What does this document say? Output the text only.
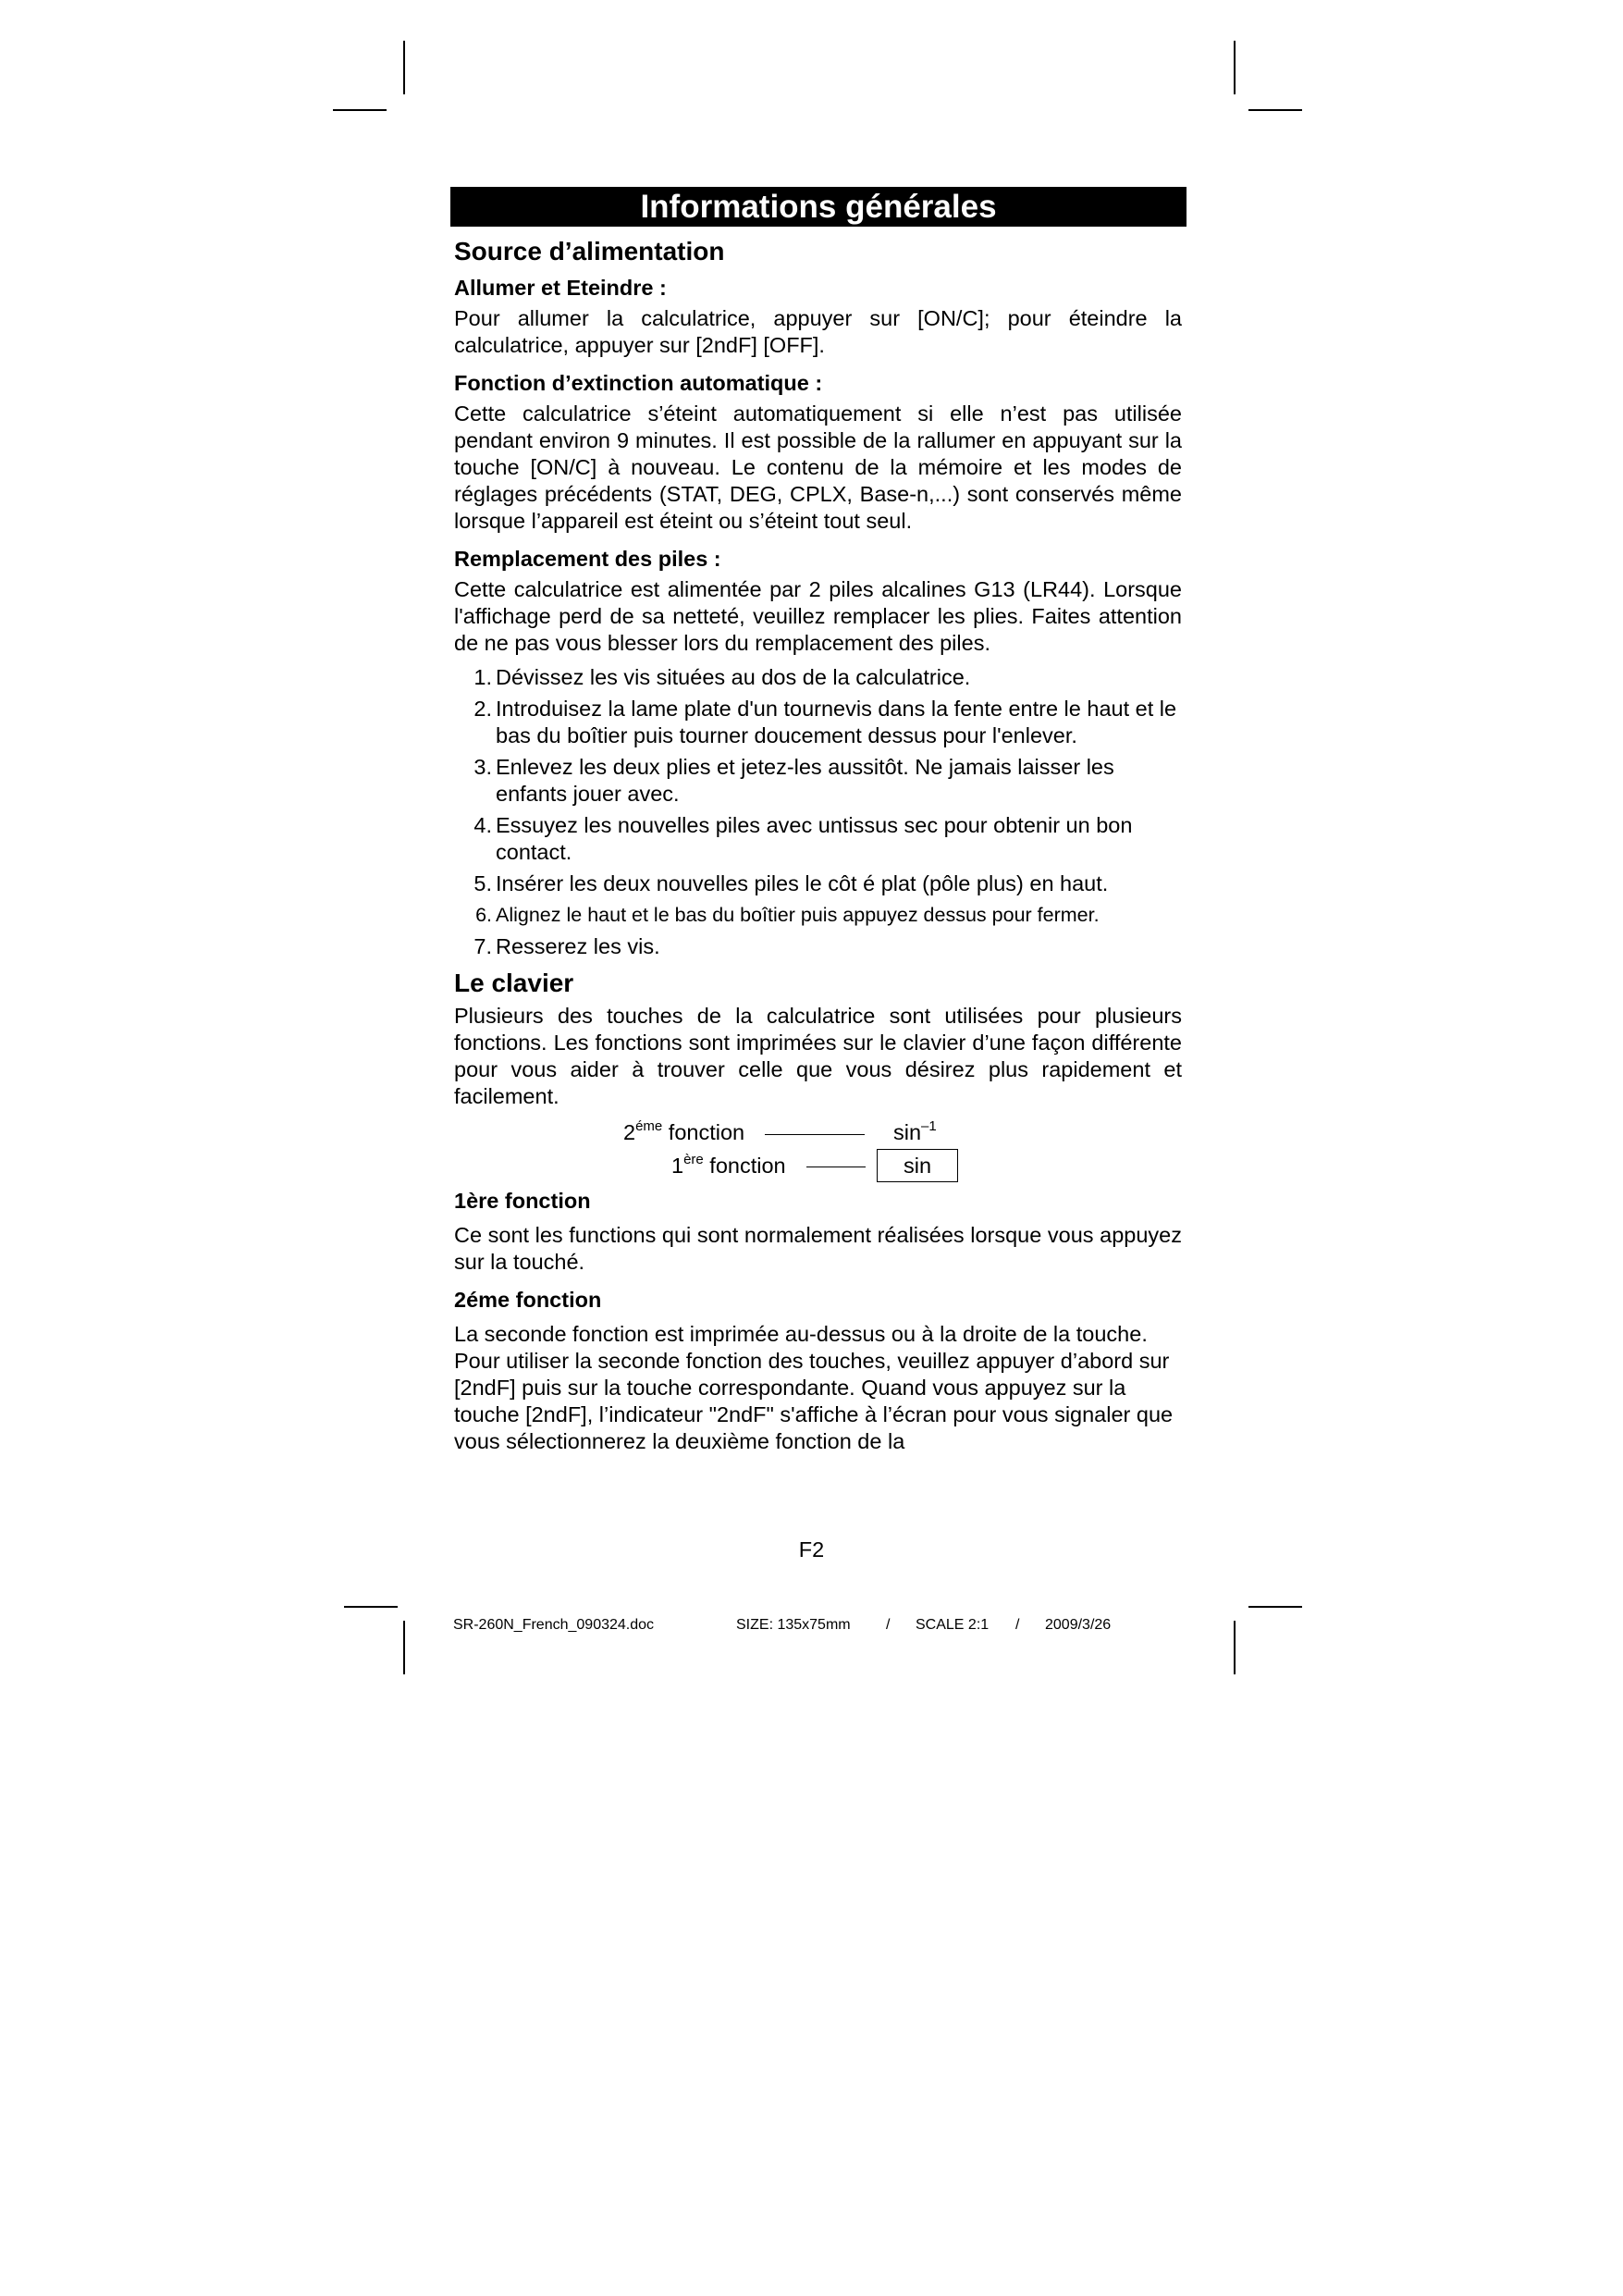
Informations générales
Source d’alimentation
Allumer et Eteindre :

Pour allumer la calculatrice, appuyer sur [ON/C]; pour éteindre la calculatrice, appuyer sur [2ndF] [OFF].

Fonction d’extinction automatique :

Cette calculatrice s’éteint automatiquement si elle n’est pas utilisée pendant environ 9 minutes. Il est possible de la rallumer en appuyant sur la touche [ON/C] à nouveau. Le contenu de la mémoire et les modes de réglages précédents (STAT, DEG, CPLX, Base-n,...) sont conservés même lorsque l’appareil est éteint ou s’éteint tout seul.

Remplacement des piles :

Cette calculatrice est alimentée par 2 piles alcalines G13 (LR44). Lorsque l'affichage perd de sa netteté, veuillez remplacer les plies. Faites attention de ne pas vous blesser lors du remplacement des piles.

1. Dévissez les vis situées au dos de la calculatrice.
2. Introduisez la lame plate d'un tournevis dans la fente entre le haut et le bas du boîtier puis tourner doucement dessus pour l'enlever.
3. Enlevez les deux plies et jetez-les aussitôt. Ne jamais laisser les enfants jouer avec.
4. Essuyez les nouvelles piles avec untissus sec pour obtenir un bon contact.
5. Insérer les deux nouvelles piles le côt é plat (pôle plus) en haut.
6. Alignez le haut et le bas du boîtier puis appuyez dessus pour fermer.
7. Resserez les vis.
Le clavier

Plusieurs des touches de la calculatrice sont utilisées pour plusieurs fonctions. Les fonctions sont imprimées sur le clavier d’une façon différente pour vous aider à trouver celle que vous désirez plus rapidement et facilement.

$2^{éme}$ fonction	$\sin^{-1}$
1ère fonction	sin
1ère fonction

Ce sont les functions qui sont normalement réalisées lorsque vous appuyez sur la touché.

2éme fonction

La seconde fonction est imprimée au-dessus ou à la droite de la touche. Pour utiliser la seconde fonction des touches, veuillez appuyer d’abord sur [2ndF] puis sur la touche correspondante. Quand vous appuyez sur la touche [2ndF], l’indicateur "2ndF" s'affiche à l’écran pour vous signaler que vous sélectionnerez la deuxième fonction de la

F2
SR-260N_French_090324.doc	SIZE: 135x75mm / SCALE 2:1 / 2009/3/26
